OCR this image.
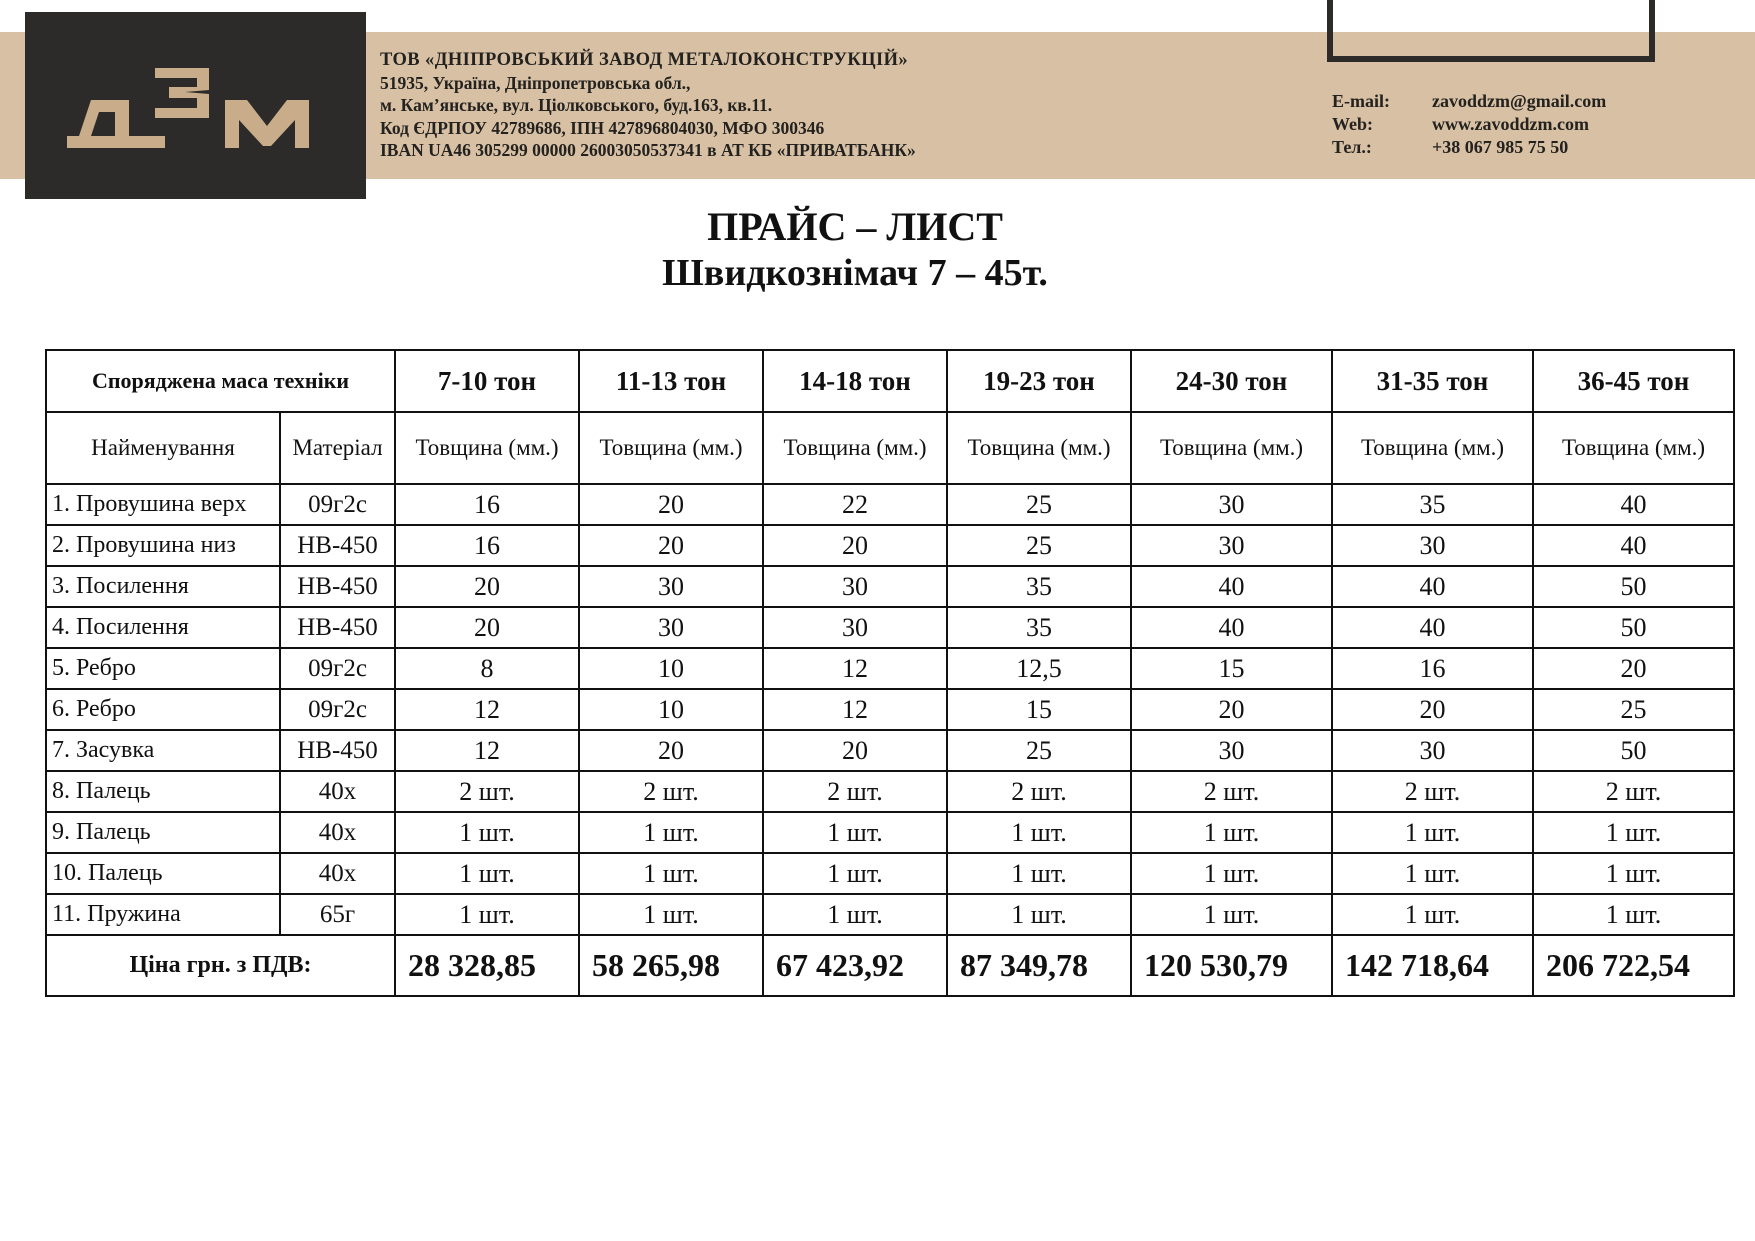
ТОВ «ДНІПРОВСЬКИЙ ЗАВОД МЕТАЛОКОНСТРУКЦІЙ»
51935, Україна, Дніпропетровська обл.,
м. Кам’янське, вул. Ціолковського, буд.163, кв.11.
Код ЄДРПОУ 42789686, ІПН 427896804030, МФО 300346
IBAN UA46 305299 00000 26003050537341 в АТ КБ «ПРИВАТБАНК»
E-mail: zavoddzm@gmail.com
Web:	www.zavoddzm.com
Тел.:	+38 067 985 75 50
ПРАЙС – ЛИСТ
Швидкознімач 7 – 45т.
Споряджена маса техніки		7-10 тон	11-13 тон	14-18 тон	19-23 тон	24-30 тон	31-35 тон	36-45 тон
Найменування	Матеріал	Товщина (мм.)	Товщина (мм.)	Товщина (мм.)	Товщина (мм.)	Товщина (мм.)	Товщина (мм.)	Товщина (мм.)
1. Провушина верх	09г2с	16	20	22	25	30	35	40
2. Провушина низ	HB-450	16	20	20	25	30	30	40
3. Посилення	HB-450	20	30	30	35	40	40	50
4. Посилення	HB-450	20	30	30	35	40	40	50
5. Ребро	09г2с	8	10	12	12,5	15	16	20
6. Ребро	09г2с	12	10	12	15	20	20	25
7. Засувка	HB-450	12	20	20	25	30	30	50
8. Палець	40х	2 шт.	2 шт.	2 шт.	2 шт.	2 шт.	2 шт.	2 шт.
9. Палець	40х	1 шт.	1 шт.	1 шт.	1 шт.	1 шт.	1 шт.	1 шт.
10. Палець	40х	1 шт.	1 шт.	1 шт.	1 шт.	1 шт.	1 шт.	1 шт.
11. Пружина	65г	1 шт.	1 шт.	1 шт.	1 шт.	1 шт.	1 шт.	1 шт.
Ціна грн. з ПДВ:		28 328,85	58 265,98	67 423,92	87 349,78	120 530,79	142 718,64	206 722,54
